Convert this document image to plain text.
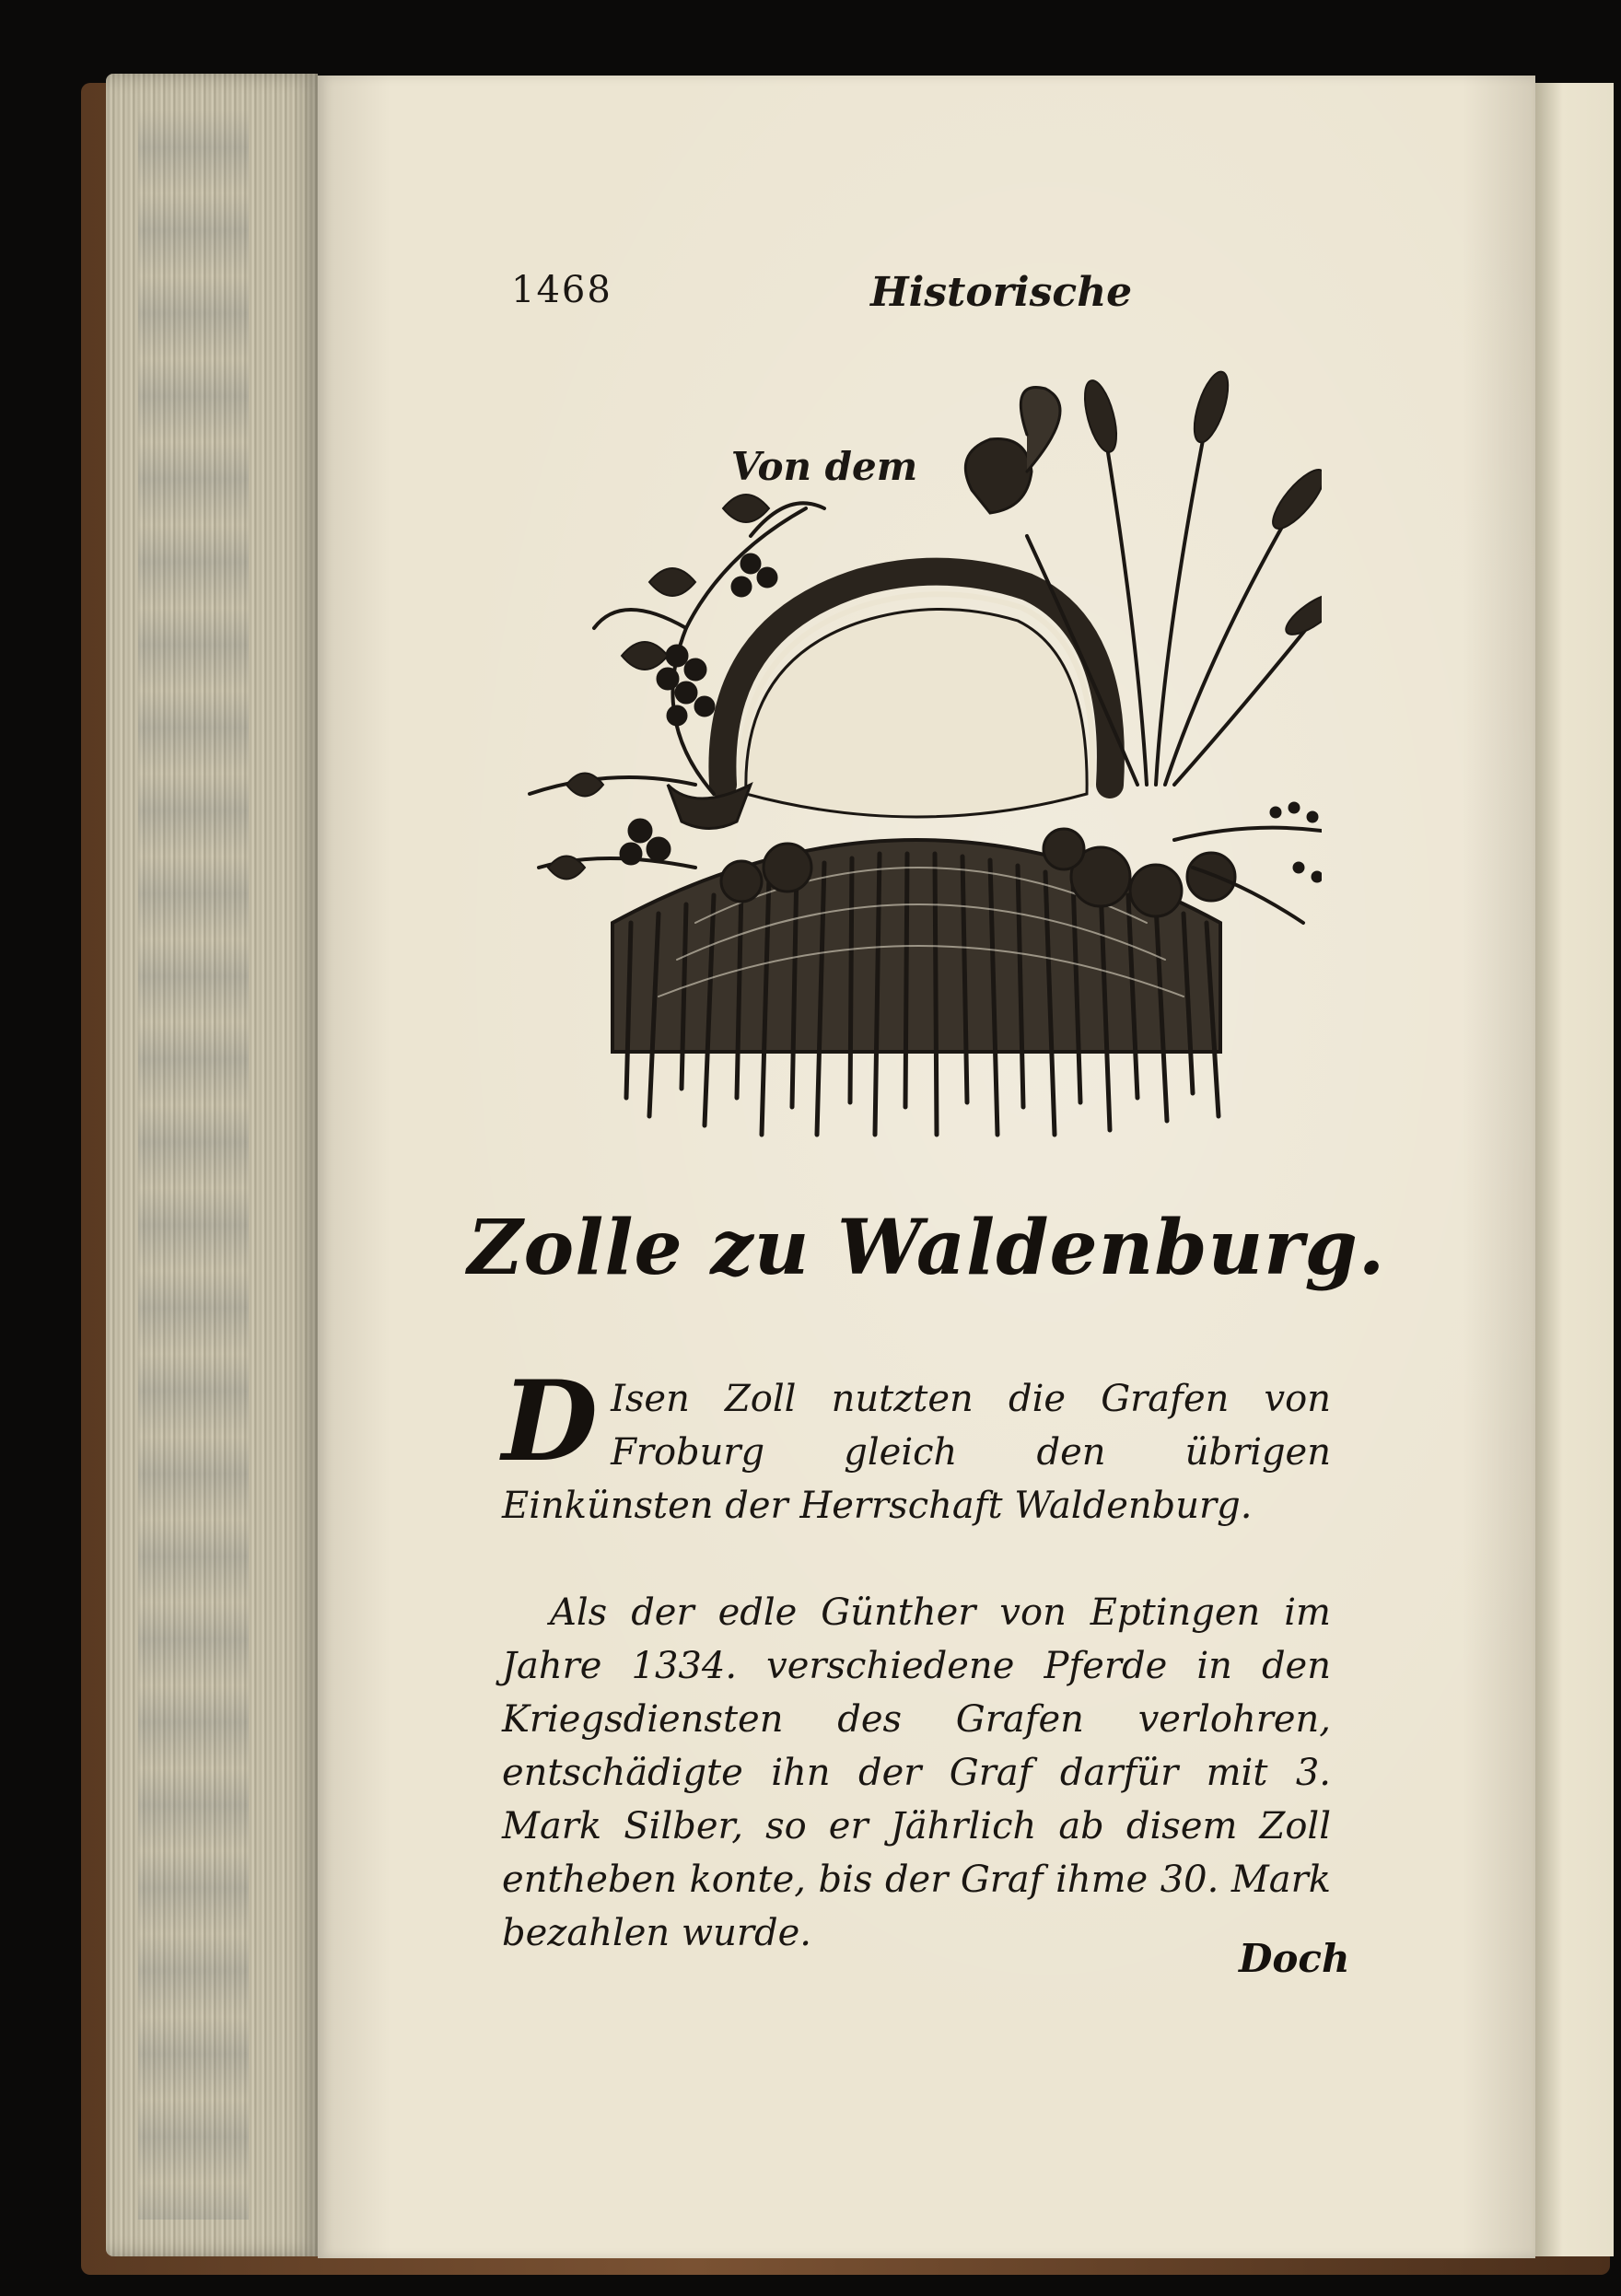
1468	Historische
Von dem
Zolle zu Waldenburg.
D Isen Zoll nutzten die Grafen von Froburg gleich den übrigen Einkünsten der Herrschaft Waldenburg.
Als der edle Günther von Eptingen im Jahre 1334. verschiedene Pferde in den Kriegsdiensten des Grafen verlohren, entschädigte ihn der Graf darfür mit 3. Mark Silber, so er Jährlich ab disem Zoll entheben konte, bis der Graf ihme 30. Mark bezahlen wurde.
Doch
